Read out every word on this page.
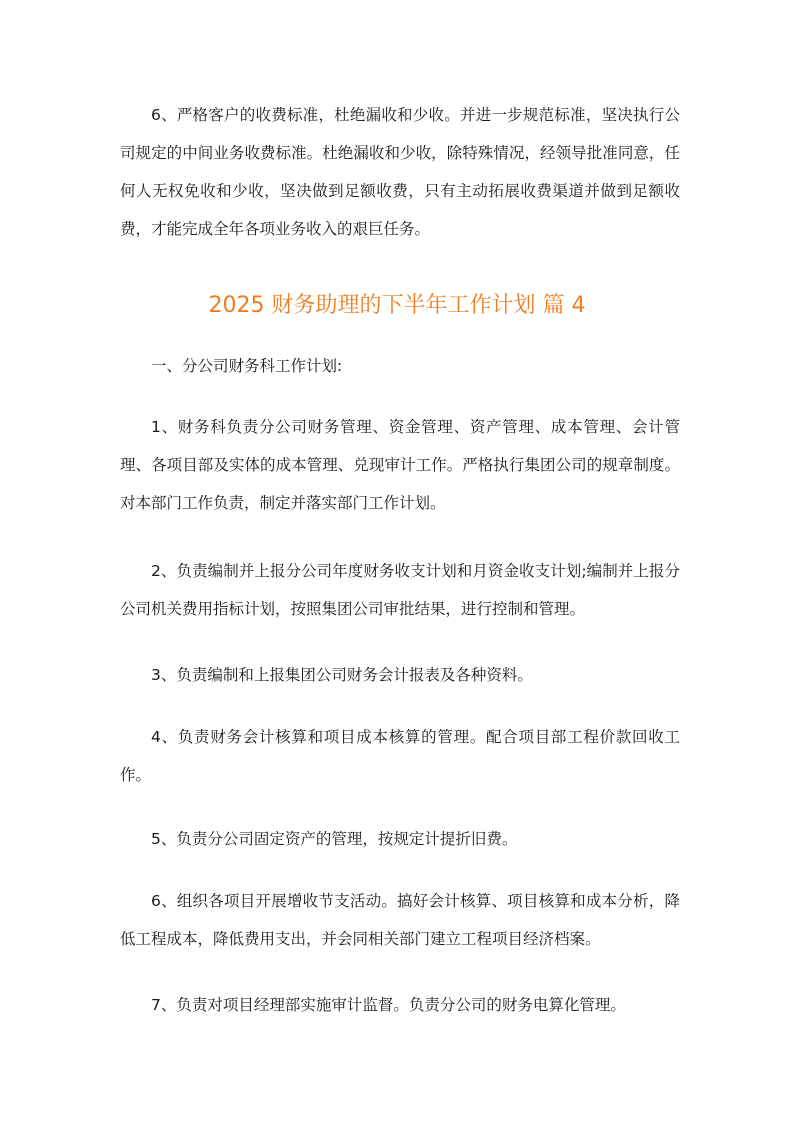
6、严格客户的收费标准，杜绝漏收和少收。并进一步规范标准，坚决执行公司规定的中间业务收费标准。杜绝漏收和少收，除特殊情况，经领导批准同意，任何人无权免收和少收，坚决做到足额收费，只有主动拓展收费渠道并做到足额收费，才能完成全年各项业务收入的艰巨任务。

2025 财务助理的下半年工作计划 篇 4

一、分公司财务科工作计划:

1、财务科负责分公司财务管理、资金管理、资产管理、成本管理、会计管理、各项目部及实体的成本管理、兑现审计工作。严格执行集团公司的规章制度。对本部门工作负责，制定并落实部门工作计划。

2、负责编制并上报分公司年度财务收支计划和月资金收支计划;编制并上报分公司机关费用指标计划，按照集团公司审批结果，进行控制和管理。

3、负责编制和上报集团公司财务会计报表及各种资料。

4、负责财务会计核算和项目成本核算的管理。配合项目部工程价款回收工作。

5、负责分公司固定资产的管理，按规定计提折旧费。

6、组织各项目开展增收节支活动。搞好会计核算、项目核算和成本分析，降低工程成本，降低费用支出，并会同相关部门建立工程项目经济档案。

7、负责对项目经理部实施审计监督。负责分公司的财务电算化管理。
